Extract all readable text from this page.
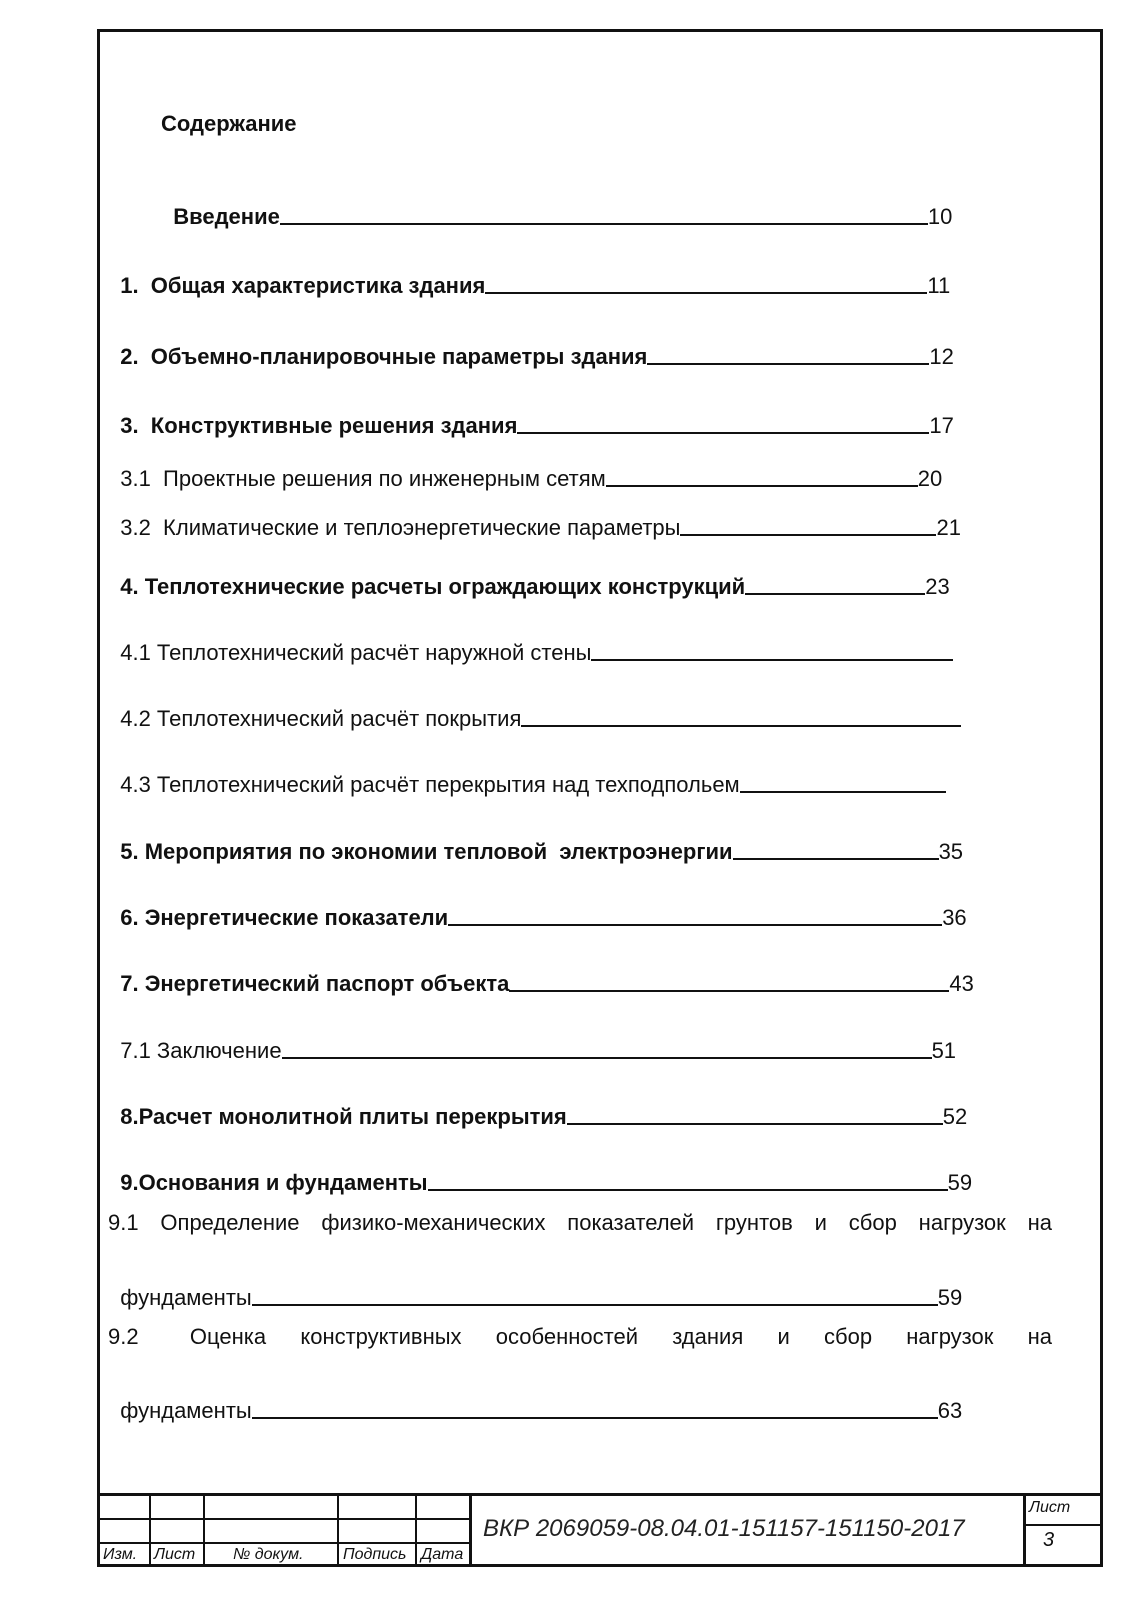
Содержание

Введение	10

1.  Общая характеристика здания	11

2.  Объемно-планировочные параметры здания	12

3.  Конструктивные решения здания	17

3.1  Проектные решения по инженерным сетям	20

3.2  Климатические и теплоэнергетические параметры	21

4. Теплотехнические расчеты ограждающих конструкций	23

4.1 Теплотехнический расчёт наружной стены

4.2 Теплотехнический расчёт покрытия

4.3 Теплотехнический расчёт перекрытия над техподпольем

5. Мероприятия по экономии тепловой  электроэнергии	35

6. Энергетические показатели	36

7. Энергетический паспорт объекта	43

7.1 Заключение	51

8.Расчет монолитной плиты перекрытия	52

9.Основания и фундаменты	59

9.1 Определение физико-механических показателей грунтов и сбор нагрузок на

фундаменты	59

9.2   Оценка  конструктивных  особенностей  здания  и  сбор  нагрузок  на

фундаменты	63

Изм. Лист № докум. Подпись Дата
ВКР 2069059-08.04.01-151157-151150-2017
Лист
3
